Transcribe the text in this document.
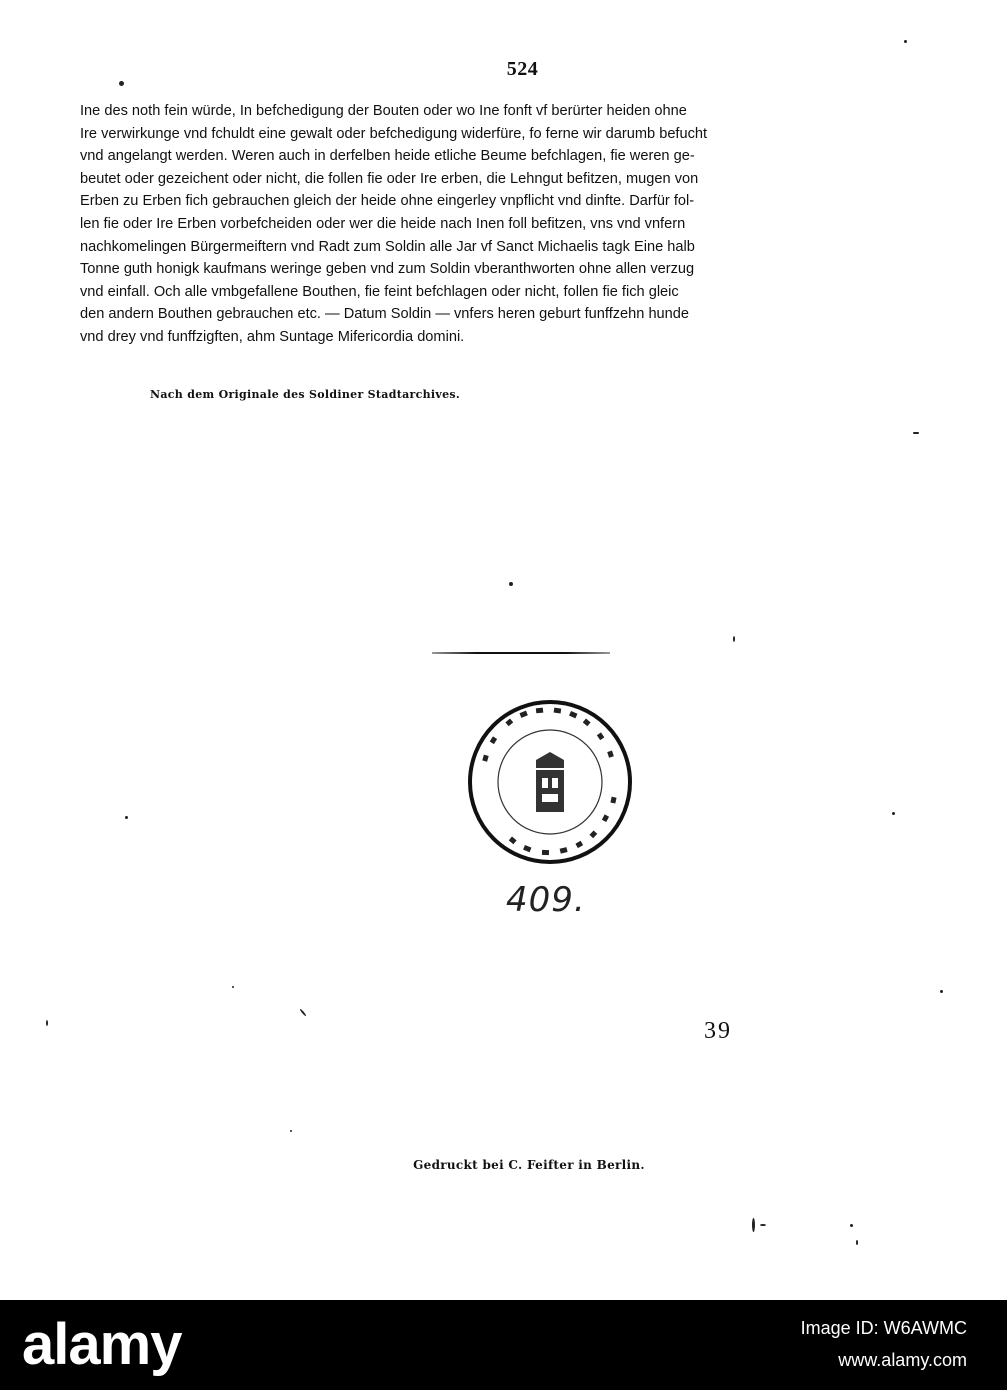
524
Ine des noth fein würde, In befchedigung der Bouten oder wo Ine fonft vf berürter heiden ohne
Ire verwirkunge vnd fchuldt eine gewalt oder befchedigung widerfüre, fo ferne wir darumb befucht
vnd angelangt werden. Weren auch in derfelben heide etliche Beume befchlagen, fie weren ge-
beutet oder gezeichent oder nicht, die follen fie oder Ire erben, die Lehngut befitzen, mugen von
Erben zu Erben fich gebrauchen gleich der heide ohne eingerley vnpflicht vnd dinfte. Darfür fol-
len fie oder Ire Erben vorbefcheiden oder wer die heide nach Inen foll befitzen, vns vnd vnfern
nachkomelingen Bürgermeiftern vnd Radt zum Soldin alle Jar vf Sanct Michaelis tagk Eine halb
Tonne guth honigk kaufmans weringe geben vnd zum Soldin vberanthworten ohne allen verzug
vnd einfall. Och alle vmbgefallene Bouthen, fie feint befchlagen oder nicht, follen fie fich gleic
den andern Bouthen gebrauchen etc. — Datum Soldin — vnfers heren geburt funffzehn hunde
vnd drey vnd funffzigften, ahm Suntage Mifericordia domini.
Nach dem Originale des Soldiner Stadtarchives.
409.
39
Gedruckt bei C. Feifter in Berlin.
alamy	Image ID: W6AWMC
www.alamy.com
